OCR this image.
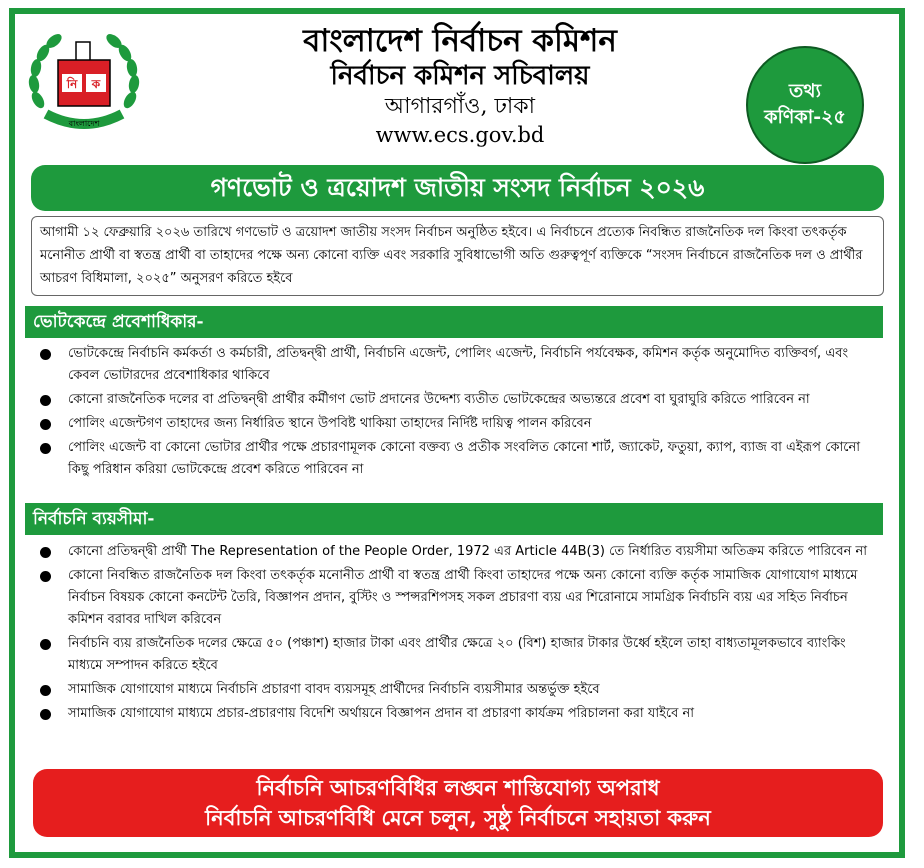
বাংলাদেশ
নি ক
বাংলাদেশ নির্বাচন কমিশন
নির্বাচন কমিশন সচিবালয়
আগারগাঁও, ঢাকা
www.ecs.gov.bd
তথ্য
কণিকা-২৫
গণভোট ও ত্রয়োদশ জাতীয় সংসদ নির্বাচন ২০২৬
আগামী ১২ ফেব্রুয়ারি ২০২৬ তারিখে গণভোট ও ত্রয়োদশ জাতীয় সংসদ নির্বাচন অনুষ্ঠিত হইবে। এ নির্বাচনে প্রত্যেক নিবন্ধিত রাজনৈতিক দল কিংবা তৎকর্তৃক মনোনীত প্রার্থী বা স্বতন্ত্র প্রার্থী বা তাহাদের পক্ষে অন্য কোনো ব্যক্তি এবং সরকারি সুবিধাভোগী অতি গুরুত্বপূর্ণ ব্যক্তিকে “সংসদ নির্বাচনে রাজনৈতিক দল ও প্রার্থীর আচরণ বিধিমালা, ২০২৫” অনুসরণ করিতে হইবে
ভোটকেন্দ্রে প্রবেশাধিকার-
ভোটকেন্দ্রে নির্বাচনি কর্মকর্তা ও কর্মচারী, প্রতিদ্বন্দ্বী প্রার্থী, নির্বাচনি এজেন্ট, পোলিং এজেন্ট, নির্বাচনি পর্যবেক্ষক, কমিশন কর্তৃক অনুমোদিত ব্যক্তিবর্গ, এবং কেবল ভোটারদের প্রবেশাধিকার থাকিবে
কোনো রাজনৈতিক দলের বা প্রতিদ্বন্দ্বী প্রার্থীর কর্মীগণ ভোট প্রদানের উদ্দেশ্য ব্যতীত ভোটকেন্দ্রের অভ্যন্তরে প্রবেশ বা ঘুরাঘুরি করিতে পারিবেন না
পোলিং এজেন্টগণ তাহাদের জন্য নির্ধারিত স্থানে উপবিষ্ট থাকিয়া তাহাদের নির্দিষ্ট দায়িত্ব পালন করিবেন
পোলিং এজেন্ট বা কোনো ভোটার প্রার্থীর পক্ষে প্রচারণামূলক কোনো বক্তব্য ও প্রতীক সংবলিত কোনো শার্ট, জ্যাকেট, ফতুয়া, ক্যাপ, ব্যাজ বা এইরূপ কোনো কিছু পরিধান করিয়া ভোটকেন্দ্রে প্রবেশ করিতে পারিবেন না
নির্বাচনি ব্যয়সীমা-
কোনো প্রতিদ্বন্দ্বী প্রার্থী The Representation of the People Order, 1972 এর Article 44B(3) তে নির্ধারিত ব্যয়সীমা অতিক্রম করিতে পারিবেন না
কোনো নিবন্ধিত রাজনৈতিক দল কিংবা তৎকর্তৃক মনোনীত প্রার্থী বা স্বতন্ত্র প্রার্থী কিংবা তাহাদের পক্ষে অন্য কোনো ব্যক্তি কর্তৃক সামাজিক যোগাযোগ মাধ্যমে নির্বাচন বিষয়ক কোনো কনটেন্ট তৈরি, বিজ্ঞাপন প্রদান, বুস্টিং ও স্পন্সরশিপসহ সকল প্রচারণা ব্যয় এর শিরোনামে সামগ্রিক নির্বাচনি ব্যয় এর সহিত নির্বাচন কমিশন বরাবর দাখিল করিবেন
নির্বাচনি ব্যয় রাজনৈতিক দলের ক্ষেত্রে ৫০ (পঞ্চাশ) হাজার টাকা এবং প্রার্থীর ক্ষেত্রে ২০ (বিশ) হাজার টাকার উর্ধ্বে হইলে তাহা বাধ্যতামূলকভাবে ব্যাংকিং মাধ্যমে সম্পাদন করিতে হইবে
সামাজিক যোগাযোগ মাধ্যমে নির্বাচনি প্রচারণা বাবদ ব্যয়সমূহ প্রার্থীদের নির্বাচনি ব্যয়সীমার অন্তর্ভুক্ত হইবে
সামাজিক যোগাযোগ মাধ্যমে প্রচার-প্রচারণায় বিদেশি অর্থায়নে বিজ্ঞাপন প্রদান বা প্রচারণা কার্যক্রম পরিচালনা করা যাইবে না
নির্বাচনি আচরণবিধির লঙ্ঘন শাস্তিযোগ্য অপরাধ
নির্বাচনি আচরণবিধি মেনে চলুন, সুষ্ঠু নির্বাচনে সহায়তা করুন
